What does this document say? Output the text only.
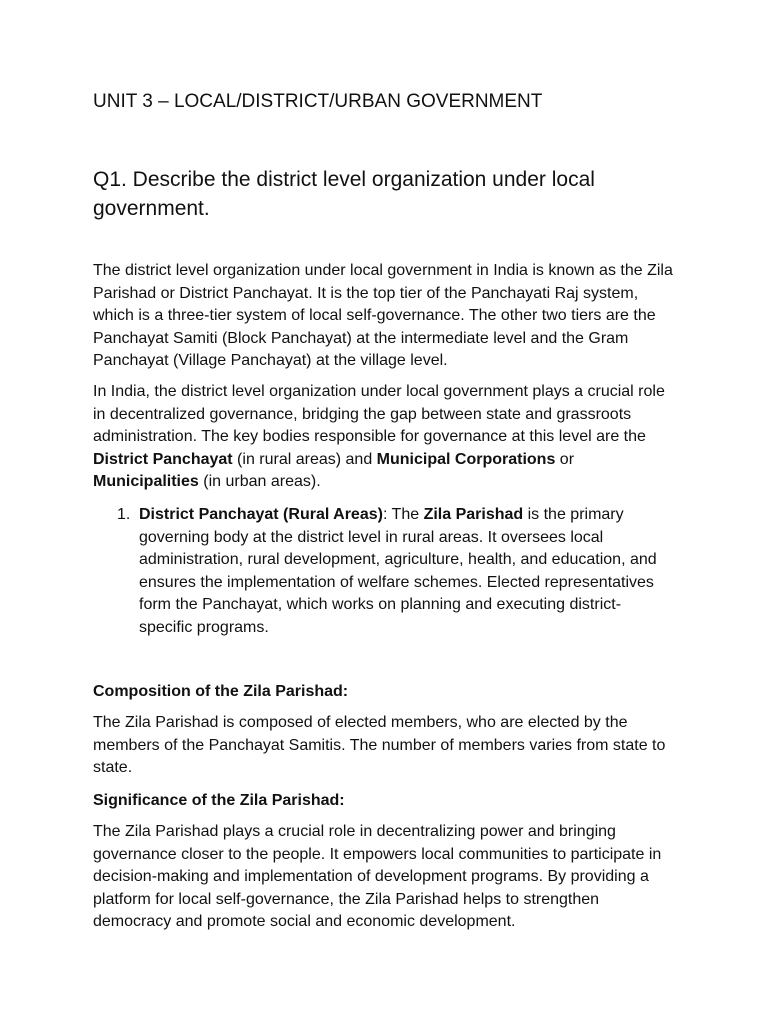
UNIT 3 – LOCAL/DISTRICT/URBAN GOVERNMENT
Q1. Describe the district level organization under local government.

The district level organization under local government in India is known as the Zila Parishad or District Panchayat. It is the top tier of the Panchayati Raj system, which is a three-tier system of local self-governance. The other two tiers are the Panchayat Samiti (Block Panchayat) at the intermediate level and the Gram Panchayat (Village Panchayat) at the village level.

In India, the district level organization under local government plays a crucial role in decentralized governance, bridging the gap between state and grassroots administration. The key bodies responsible for governance at this level are the District Panchayat (in rural areas) and Municipal Corporations or Municipalities (in urban areas).

1. District Panchayat (Rural Areas): The Zila Parishad is the primary governing body at the district level in rural areas. It oversees local administration, rural development, agriculture, health, and education, and ensures the implementation of welfare schemes. Elected representatives form the Panchayat, which works on planning and executing district-specific programs.

Composition of the Zila Parishad:

The Zila Parishad is composed of elected members, who are elected by the members of the Panchayat Samitis. The number of members varies from state to state.

Significance of the Zila Parishad:

The Zila Parishad plays a crucial role in decentralizing power and bringing governance closer to the people. It empowers local communities to participate in decision-making and implementation of development programs. By providing a platform for local self-governance, the Zila Parishad helps to strengthen democracy and promote social and economic development.
